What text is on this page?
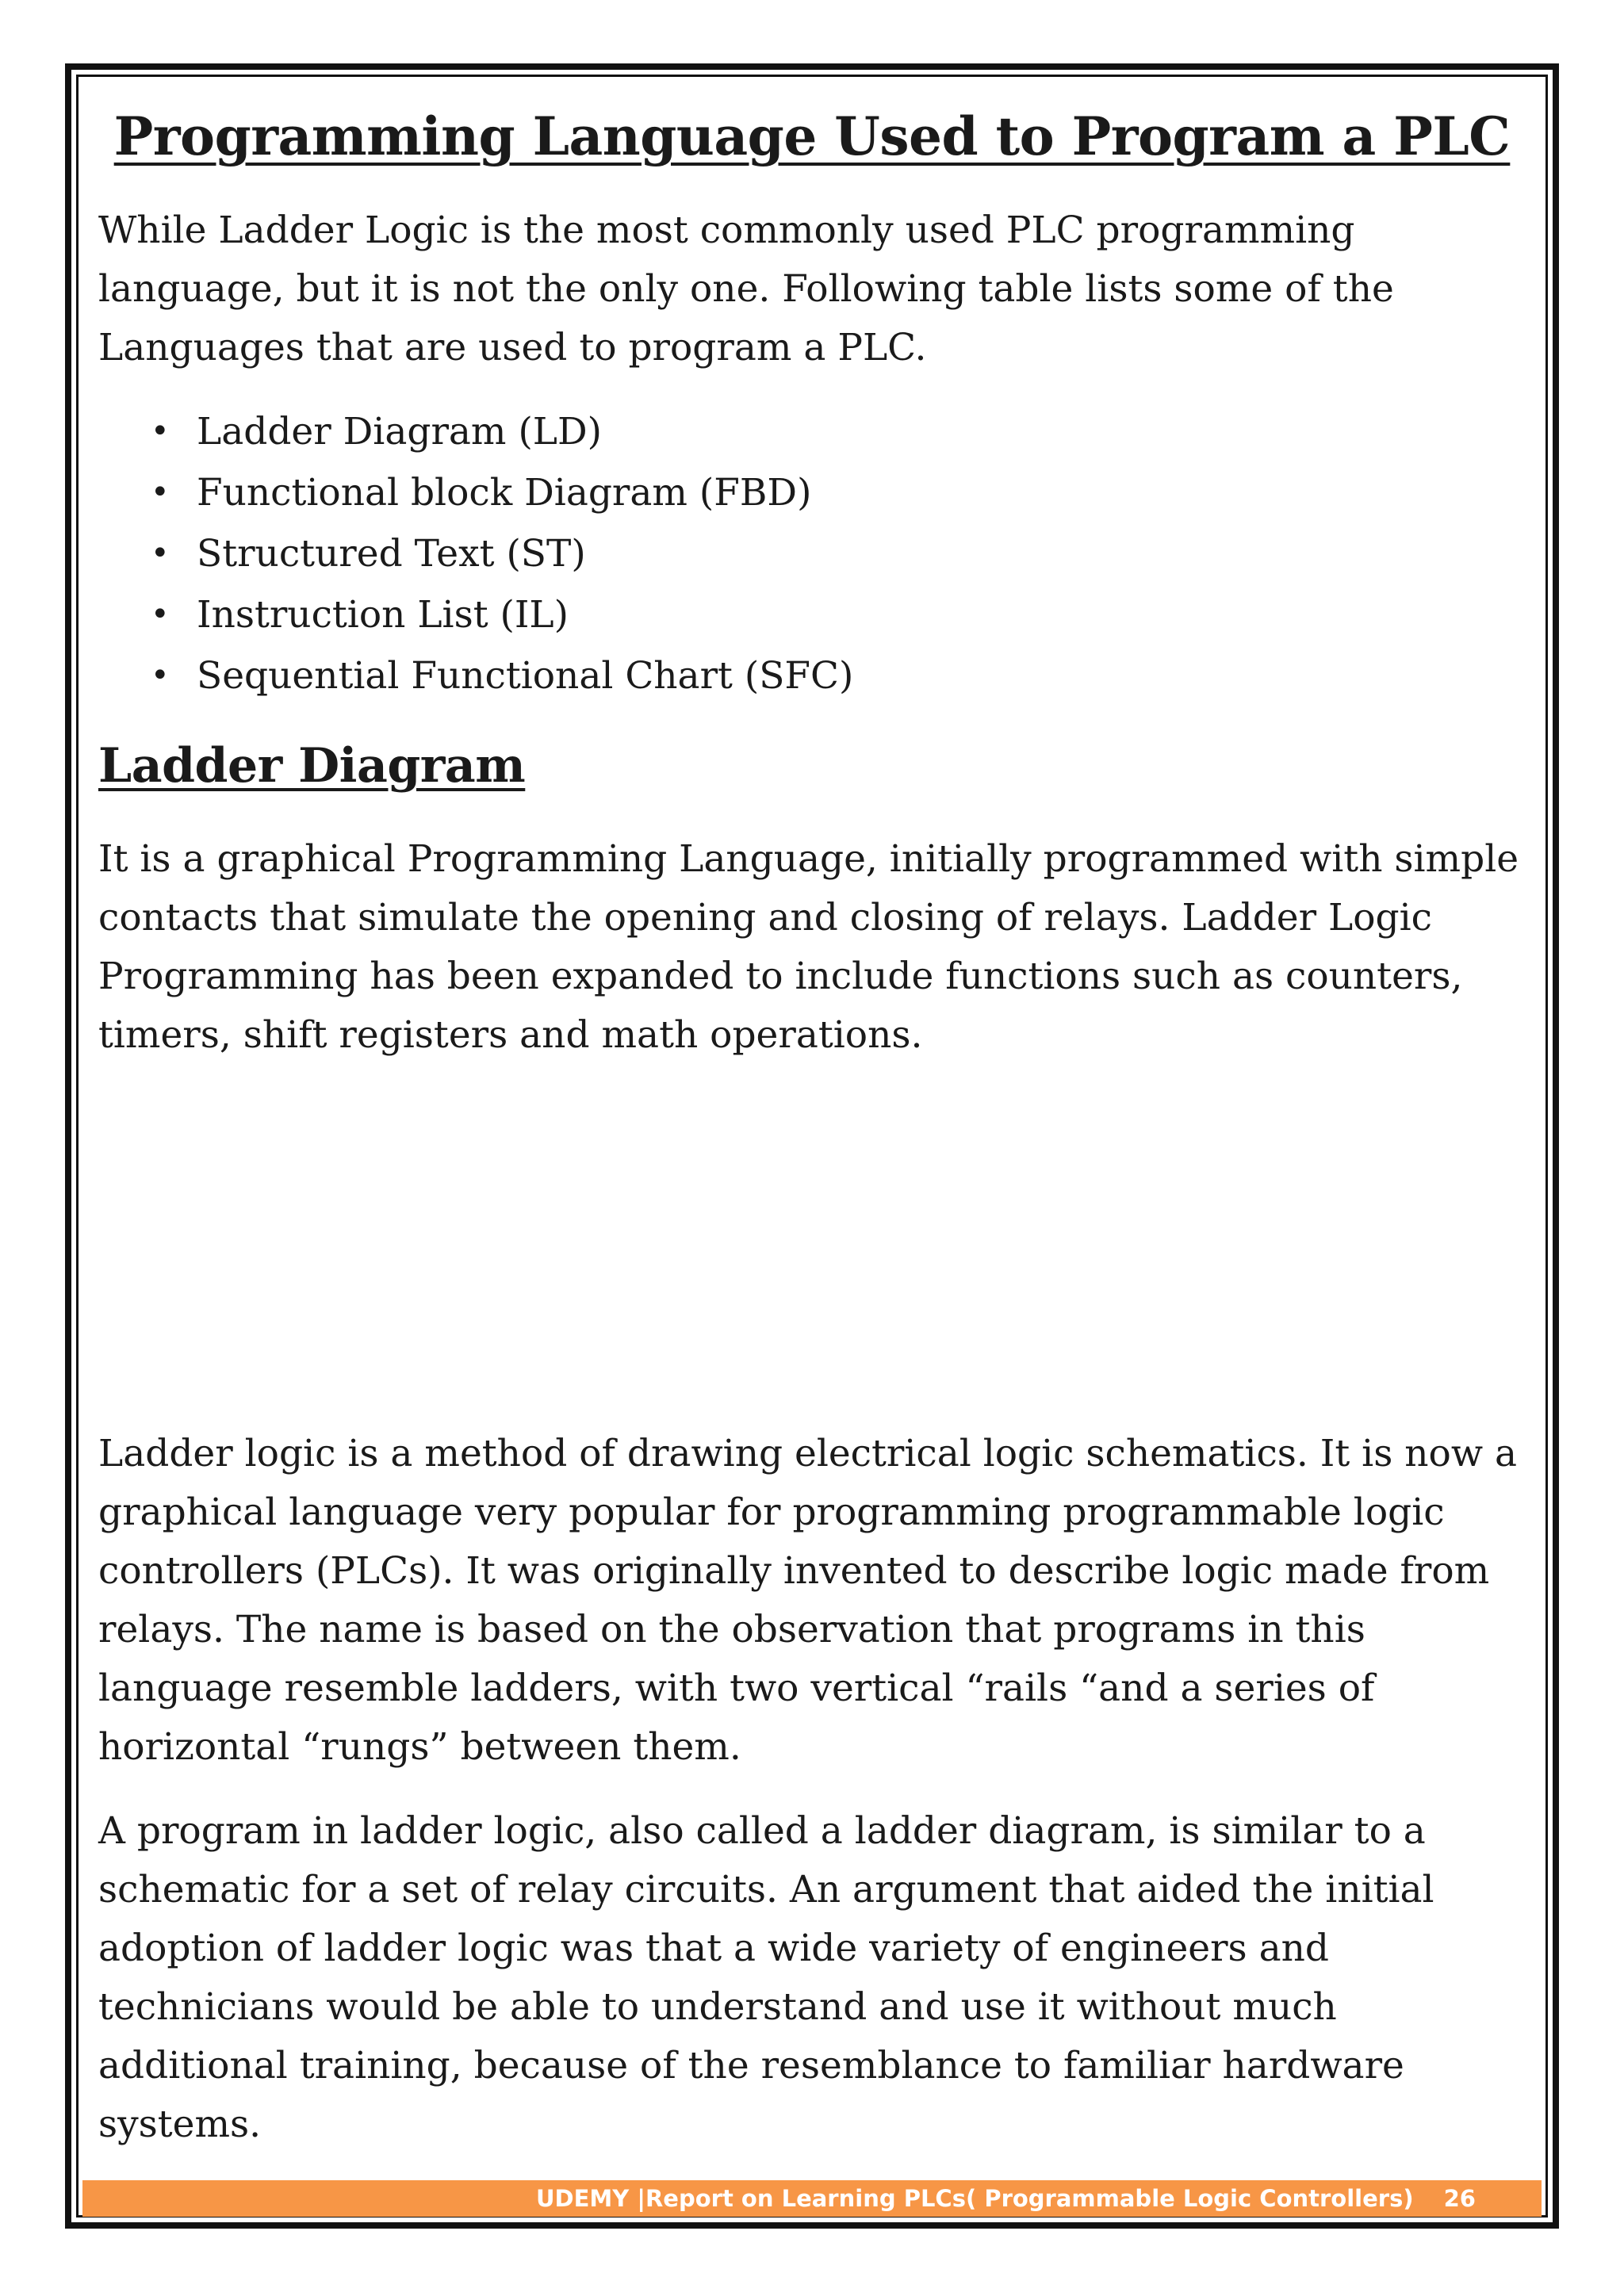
Programming Language Used to Program a PLC

While Ladder Logic is the most commonly used PLC programming language, but it is not the only one. Following table lists some of the Languages that are used to program a PLC.

• Ladder Diagram (LD)
• Functional block Diagram (FBD)
• Structured Text (ST)
• Instruction List (IL)
• Sequential Functional Chart (SFC)
Ladder Diagram

It is a graphical Programming Language, initially programmed with simple contacts that simulate the opening and closing of relays. Ladder Logic Programming has been expanded to include functions such as counters, timers, shift registers and math operations.

Ladder logic is a method of drawing electrical logic schematics. It is now a graphical language very popular for programming programmable logic controllers (PLCs). It was originally invented to describe logic made from relays. The name is based on the observation that programs in this language resemble ladders, with two vertical “rails “and a series of horizontal “rungs” between them.

A program in ladder logic, also called a ladder diagram, is similar to a schematic for a set of relay circuits. An argument that aided the initial adoption of ladder logic was that a wide variety of engineers and technicians would be able to understand and use it without much additional training, because of the resemblance to familiar hardware systems.

UDEMY |Report on Learning PLCs( Programmable Logic Controllers) 26
